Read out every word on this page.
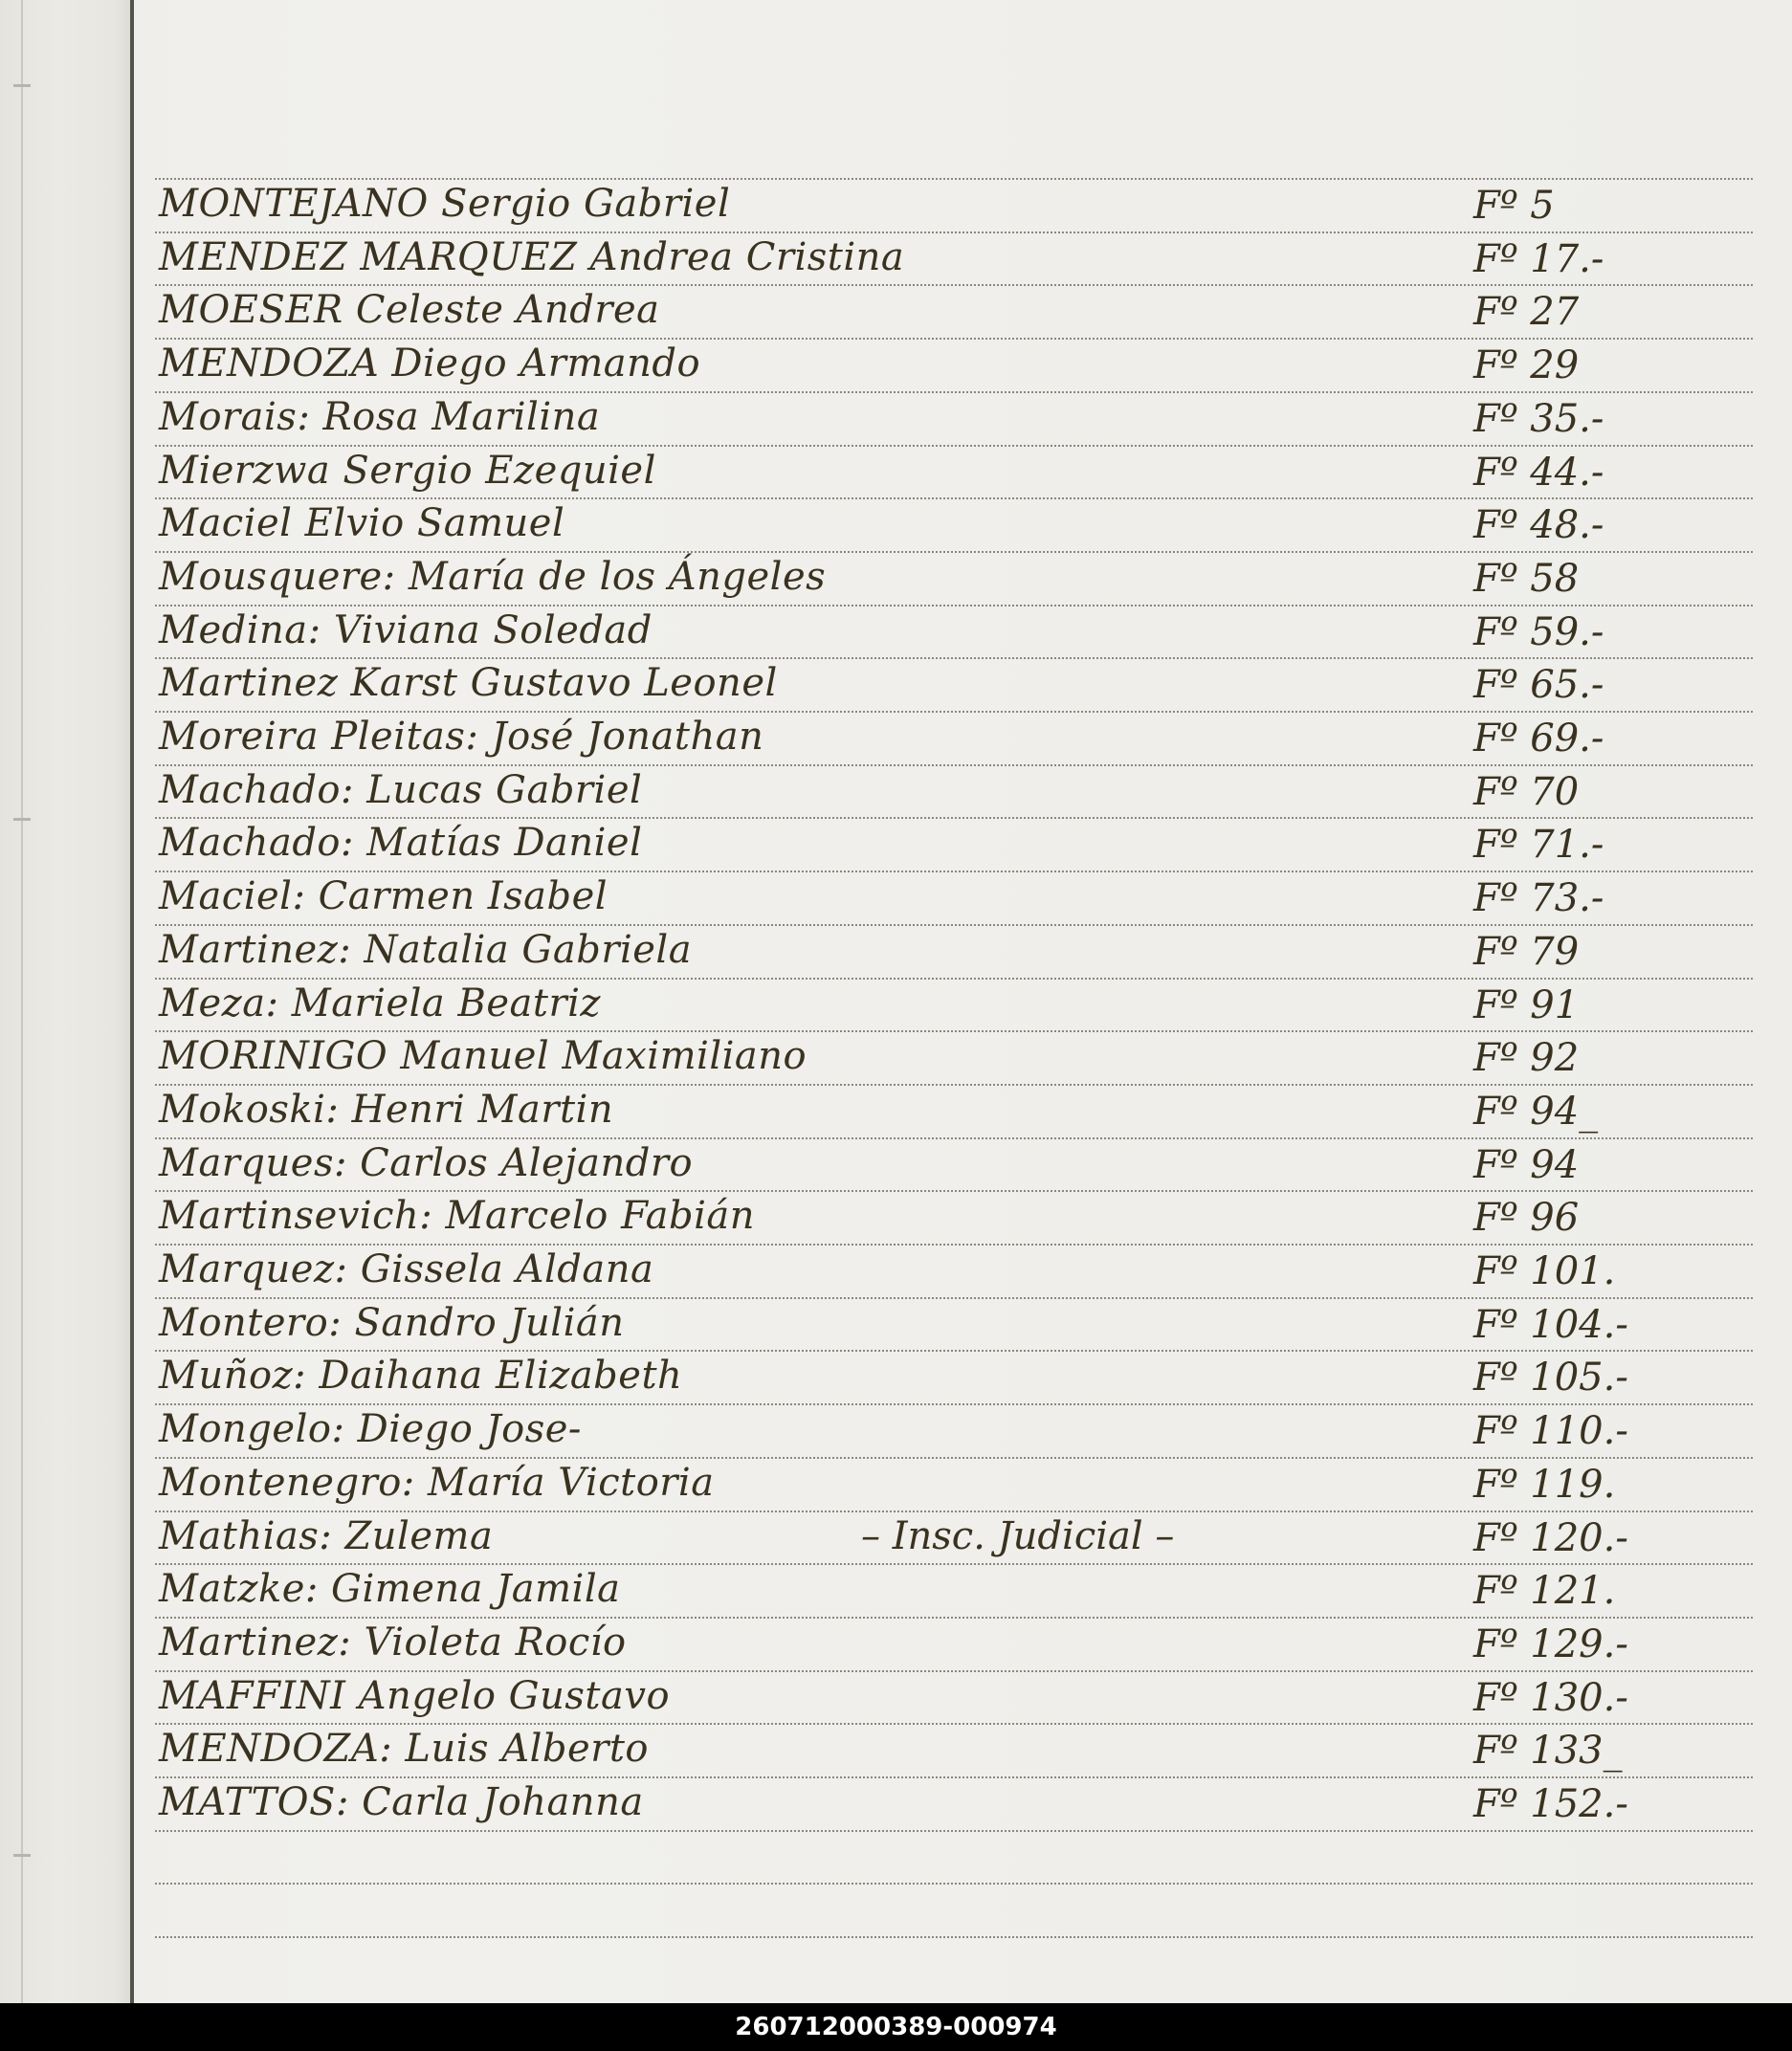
MONTEJANO Sergio Gabriel	Fº 5
MENDEZ MARQUEZ Andrea Cristina	Fº 17.-
MOESER Celeste Andrea	Fº 27
MENDOZA Diego Armando	Fº 29
Morais: Rosa Marilina	Fº 35.-
Mierzwa Sergio Ezequiel	Fº 44.-
Maciel Elvio Samuel	Fº 48.-
Mousquere: María de los Ángeles	Fº 58
Medina: Viviana Soledad	Fº 59.-
Martinez Karst Gustavo Leonel	Fº 65.-
Moreira Pleitas: José Jonathan	Fº 69.-
Machado: Lucas Gabriel	Fº 70
Machado: Matías Daniel	Fº 71.-
Maciel: Carmen Isabel	Fº 73.-
Martinez: Natalia Gabriela	Fº 79
Meza: Mariela Beatriz	Fº 91
MORINIGO Manuel Maximiliano	Fº 92
Mokoski: Henri Martin	Fº 94_
Marques: Carlos Alejandro	Fº 94
Martinsevich: Marcelo Fabián	Fº 96
Marquez: Gissela Aldana	Fº 101.
Montero: Sandro Julián	Fº 104.-
Muñoz: Daihana Elizabeth	Fº 105.-
Mongelo: Diego Jose-	Fº 110.-
Montenegro: María Victoria	Fº 119.
Mathias: Zulema	– Insc. Judicial –	Fº 120.-
Matzke: Gimena Jamila	Fº 121.
Martinez: Violeta Rocío	Fº 129.-
MAFFINI Angelo Gustavo	Fº 130.-
MENDOZA: Luis Alberto	Fº 133_
MATTOS: Carla Johanna	Fº 152.-
260712000389-000974
